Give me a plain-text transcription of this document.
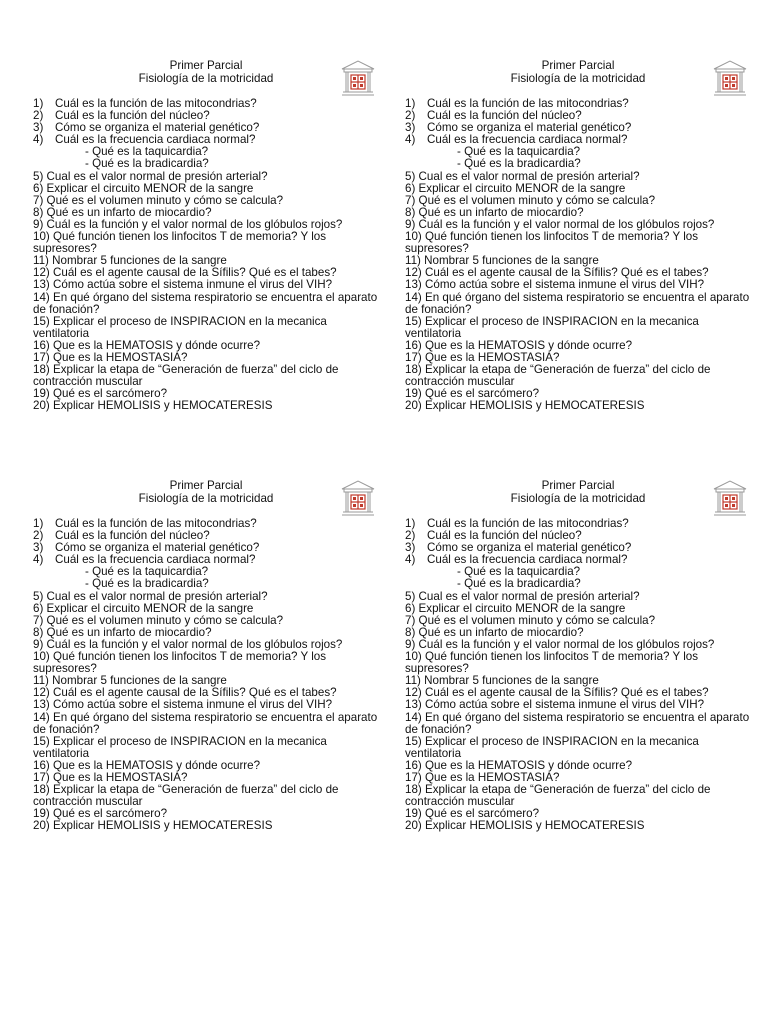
Primer Parcial
Fisiología de la motricidad
1) Cuál es la función de las mitocondrias?
2) Cuál es la función del núcleo?
3) Cómo se organiza el material genético?
4) Cuál es la frecuencia cardiaca normal?
- Qué es la taquicardia?
- Qué es la bradicardia?
5) Cual es el valor normal de presión arterial?
6) Explicar el circuito MENOR de la sangre
7) Qué es el volumen minuto y cómo se calcula?
8) Qué es un infarto de miocardio?
9) Cuál es la función y el valor normal de los glóbulos rojos?
10) Qué función tienen los linfocitos T de memoria? Y los supresores?
11) Nombrar 5 funciones de la sangre
12) Cuál es el agente causal de la Sífilis? Qué es el tabes?
13) Cómo actúa sobre el sistema inmune el virus del VIH?
14) En qué órgano del sistema respiratorio se encuentra el aparato de fonación?
15) Explicar el proceso de INSPIRACION en la mecanica ventilatoria
16) Que es la HEMATOSIS y dónde ocurre?
17) Que es la HEMOSTASIA?
18) Explicar la etapa de “Generación de fuerza” del ciclo de contracción muscular
19) Qué es el sarcómero?
20) Explicar HEMOLISIS y HEMOCATERESIS
Primer Parcial
Fisiología de la motricidad
1) Cuál es la función de las mitocondrias?
2) Cuál es la función del núcleo?
3) Cómo se organiza el material genético?
4) Cuál es la frecuencia cardiaca normal?
- Qué es la taquicardia?
- Qué es la bradicardia?
5) Cual es el valor normal de presión arterial?
6) Explicar el circuito MENOR de la sangre
7) Qué es el volumen minuto y cómo se calcula?
8) Qué es un infarto de miocardio?
9) Cuál es la función y el valor normal de los glóbulos rojos?
10) Qué función tienen los linfocitos T de memoria? Y los supresores?
11) Nombrar 5 funciones de la sangre
12) Cuál es el agente causal de la Sífilis? Qué es el tabes?
13) Cómo actúa sobre el sistema inmune el virus del VIH?
14) En qué órgano del sistema respiratorio se encuentra el aparato de fonación?
15) Explicar el proceso de INSPIRACION en la mecanica ventilatoria
16) Que es la HEMATOSIS y dónde ocurre?
17) Que es la HEMOSTASIA?
18) Explicar la etapa de “Generación de fuerza” del ciclo de contracción muscular
19) Qué es el sarcómero?
20) Explicar HEMOLISIS y HEMOCATERESIS
Primer Parcial
Fisiología de la motricidad
1) Cuál es la función de las mitocondrias?
2) Cuál es la función del núcleo?
3) Cómo se organiza el material genético?
4) Cuál es la frecuencia cardiaca normal?
- Qué es la taquicardia?
- Qué es la bradicardia?
5) Cual es el valor normal de presión arterial?
6) Explicar el circuito MENOR de la sangre
7) Qué es el volumen minuto y cómo se calcula?
8) Qué es un infarto de miocardio?
9) Cuál es la función y el valor normal de los glóbulos rojos?
10) Qué función tienen los linfocitos T de memoria? Y los supresores?
11) Nombrar 5 funciones de la sangre
12) Cuál es el agente causal de la Sífilis? Qué es el tabes?
13) Cómo actúa sobre el sistema inmune el virus del VIH?
14) En qué órgano del sistema respiratorio se encuentra el aparato de fonación?
15) Explicar el proceso de INSPIRACION en la mecanica ventilatoria
16) Que es la HEMATOSIS y dónde ocurre?
17) Que es la HEMOSTASIA?
18) Explicar la etapa de “Generación de fuerza” del ciclo de contracción muscular
19) Qué es el sarcómero?
20) Explicar HEMOLISIS y HEMOCATERESIS
Primer Parcial
Fisiología de la motricidad
1) Cuál es la función de las mitocondrias?
2) Cuál es la función del núcleo?
3) Cómo se organiza el material genético?
4) Cuál es la frecuencia cardiaca normal?
- Qué es la taquicardia?
- Qué es la bradicardia?
5) Cual es el valor normal de presión arterial?
6) Explicar el circuito MENOR de la sangre
7) Qué es el volumen minuto y cómo se calcula?
8) Qué es un infarto de miocardio?
9) Cuál es la función y el valor normal de los glóbulos rojos?
10) Qué función tienen los linfocitos T de memoria? Y los supresores?
11) Nombrar 5 funciones de la sangre
12) Cuál es el agente causal de la Sífilis? Qué es el tabes?
13) Cómo actúa sobre el sistema inmune el virus del VIH?
14) En qué órgano del sistema respiratorio se encuentra el aparato de fonación?
15) Explicar el proceso de INSPIRACION en la mecanica ventilatoria
16) Que es la HEMATOSIS y dónde ocurre?
17) Que es la HEMOSTASIA?
18) Explicar la etapa de “Generación de fuerza” del ciclo de contracción muscular
19) Qué es el sarcómero?
20) Explicar HEMOLISIS y HEMOCATERESIS
